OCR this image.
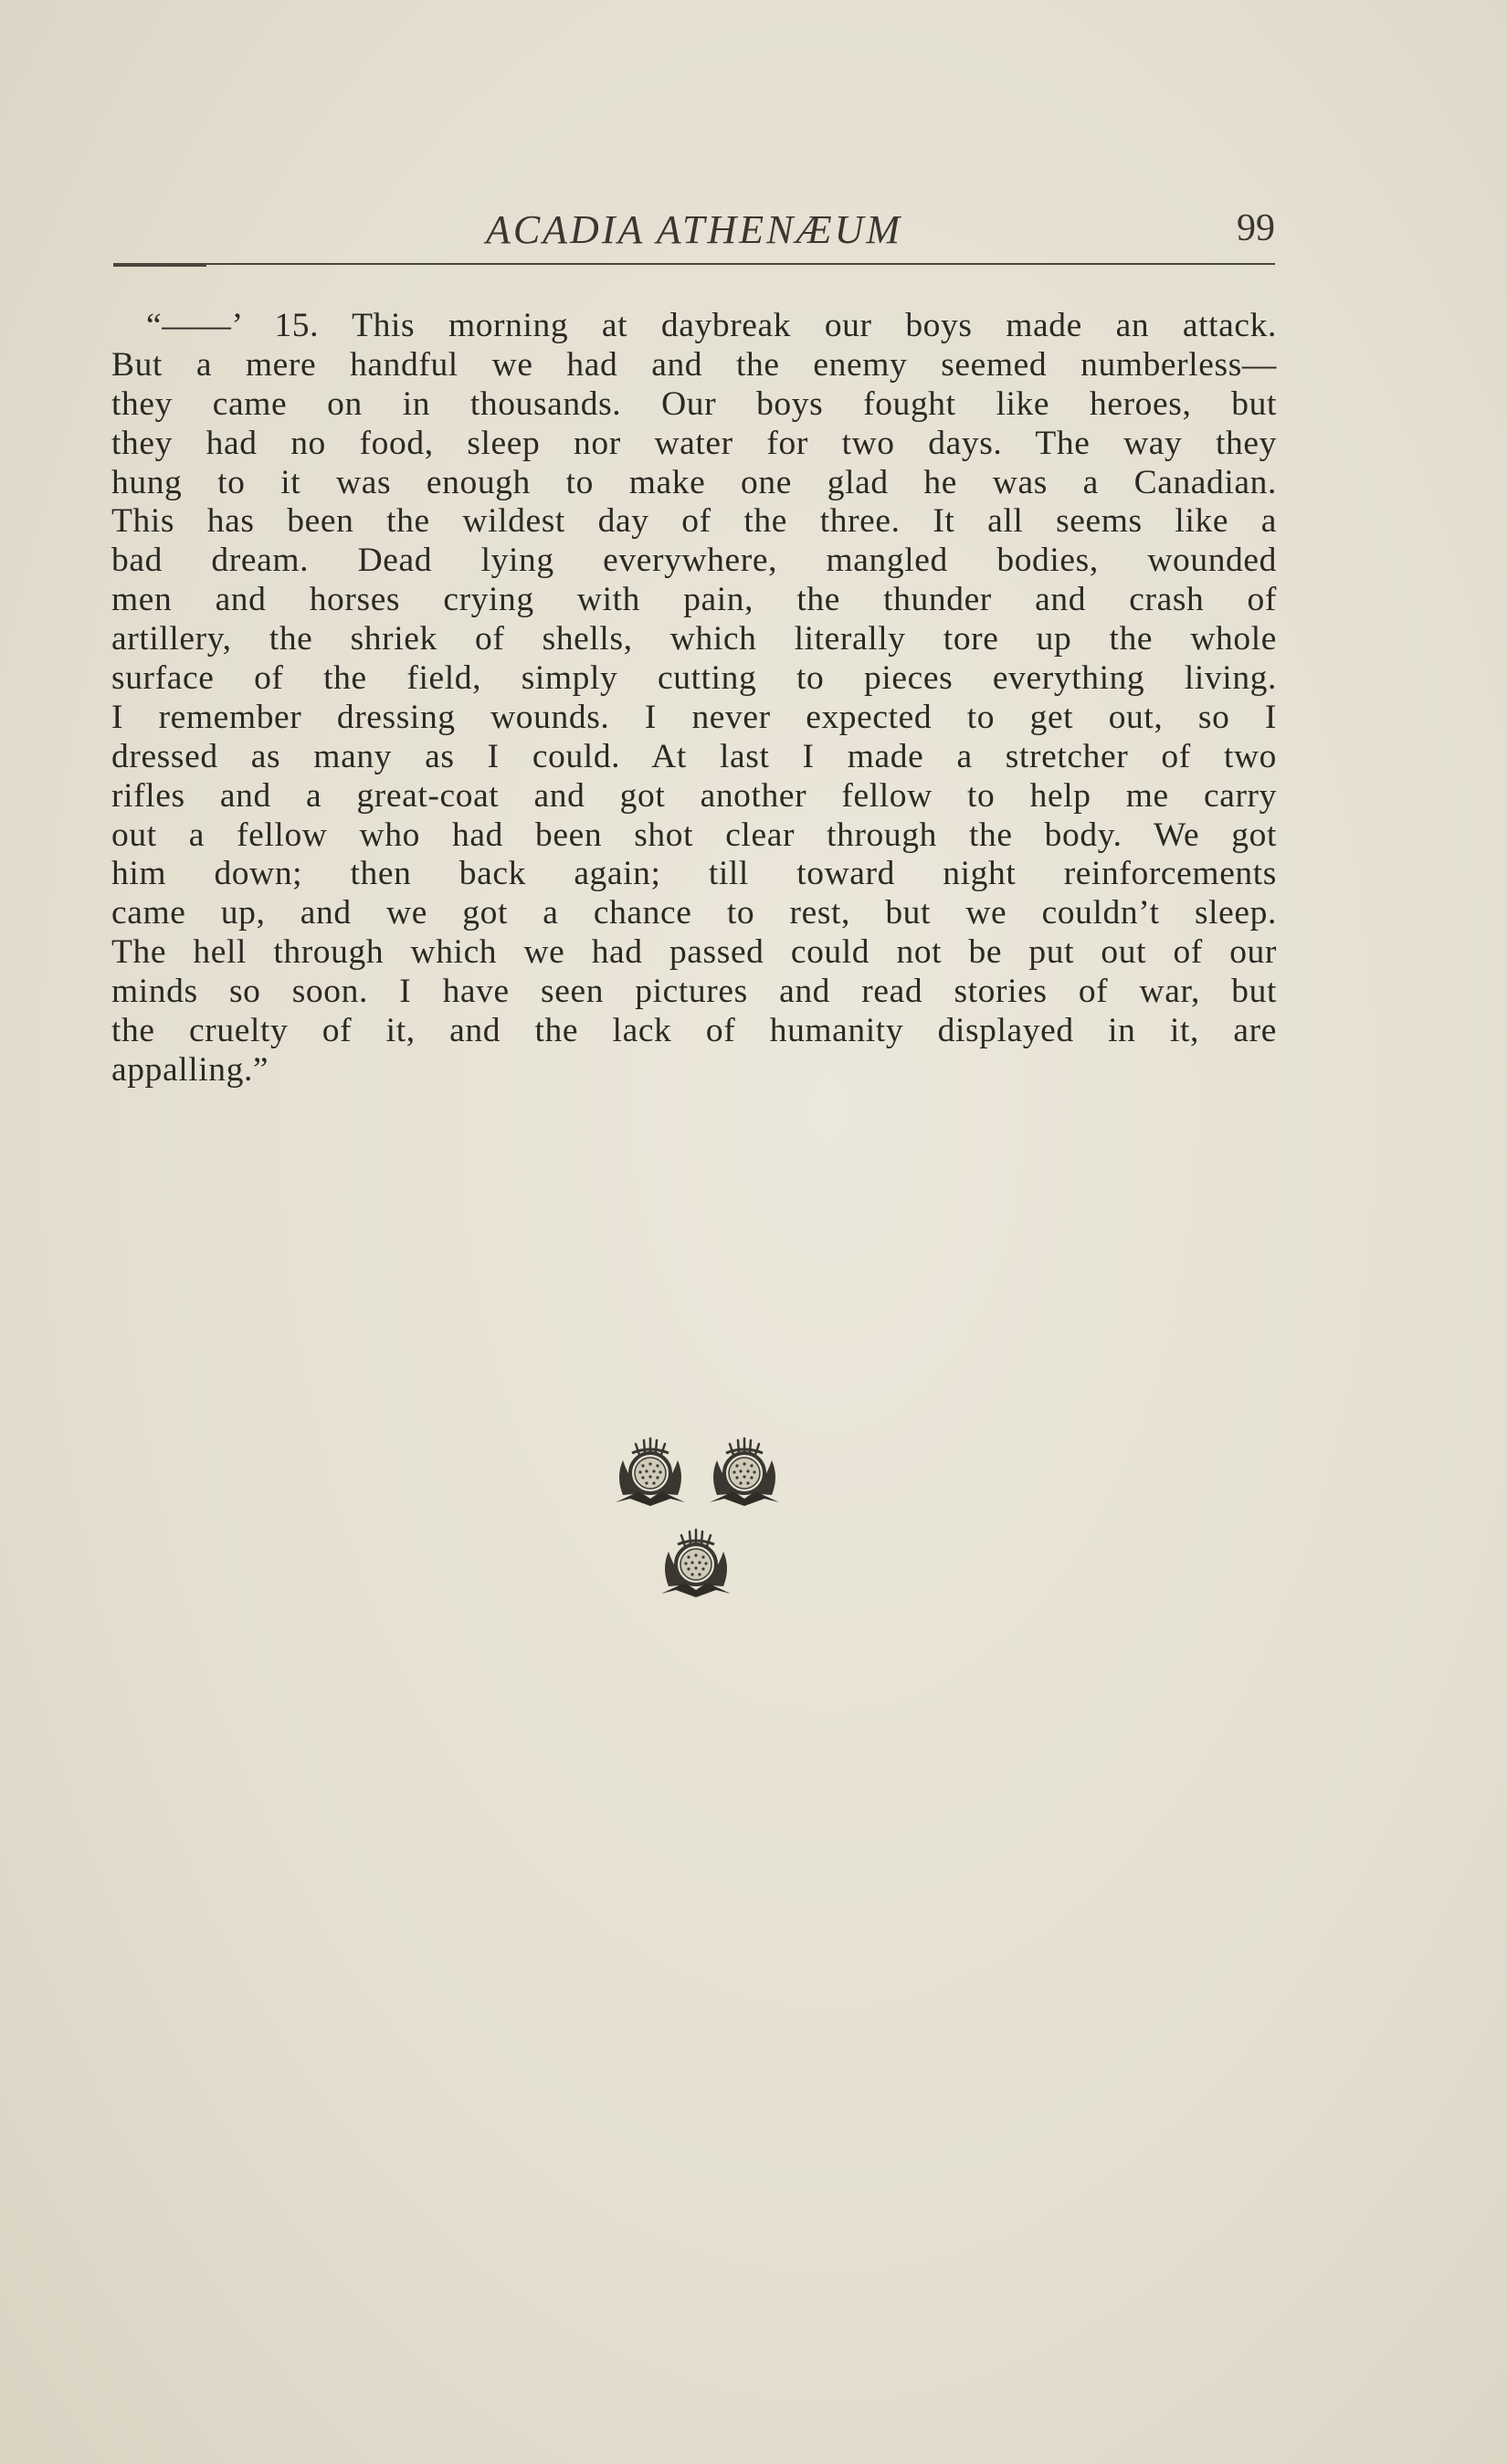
ACADIA ATHENÆUM	99
“——’ 15. This morning at daybreak our boys made an attack.
But a mere handful we had and the enemy seemed numberless—
they came on in thousands. Our boys fought like heroes, but
they had no food, sleep nor water for two days. The way they
hung to it was enough to make one glad he was a Canadian.
This has been the wildest day of the three. It all seems like a
bad dream. Dead lying everywhere, mangled bodies, wounded
men and horses crying with pain, the thunder and crash of
artillery, the shriek of shells, which literally tore up the whole
surface of the field, simply cutting to pieces everything living.
I remember dressing wounds. I never expected to get out, so I
dressed as many as I could. At last I made a stretcher of two
rifles and a great-coat and got another fellow to help me carry
out a fellow who had been shot clear through the body. We got
him down; then back again; till toward night reinforcements
came up, and we got a chance to rest, but we couldn’t sleep.
The hell through which we had passed could not be put out of our
minds so soon. I have seen pictures and read stories of war, but
the cruelty of it, and the lack of humanity displayed in it, are
appalling.”
